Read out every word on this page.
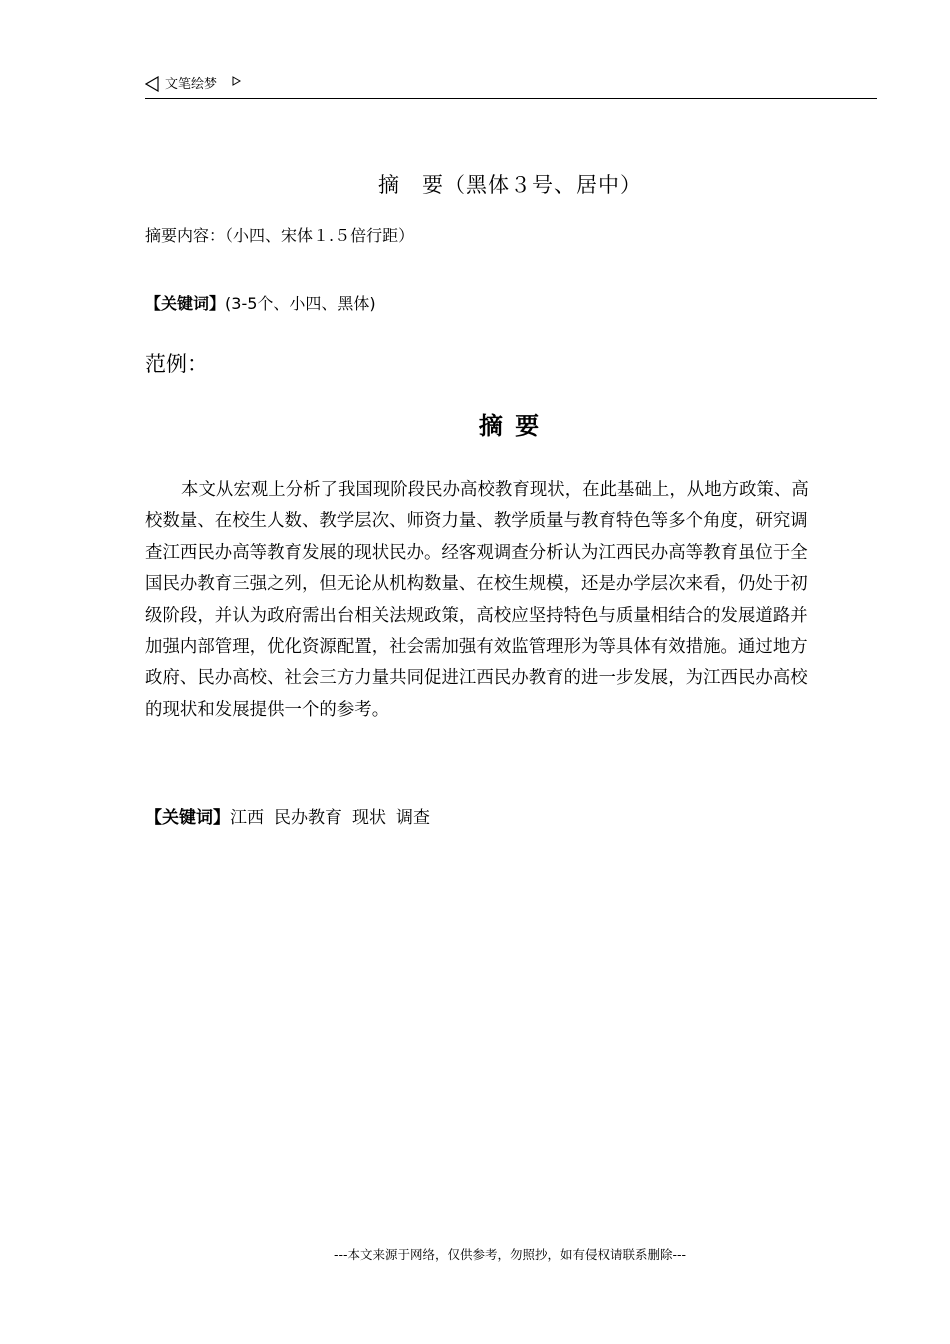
文笔绘梦
摘　要（黑体３号、居中）
摘要内容：（小四、宋体１.５倍行距）
【关键词】(3-5个、小四、黑体)
范例：
摘 要
本文从宏观上分析了我国现阶段民办高校教育现状，在此基础上，从地方政策、高
校数量、在校生人数、教学层次、师资力量、教学质量与教育特色等多个角度，研究调
查江西民办高等教育发展的现状民办。经客观调查分析认为江西民办高等教育虽位于全
国民办教育三强之列，但无论从机构数量、在校生规模，还是办学层次来看，仍处于初
级阶段，并认为政府需出台相关法规政策，高校应坚持特色与质量相结合的发展道路并
加强内部管理，优化资源配置，社会需加强有效监管理形为等具体有效措施。通过地方
政府、民办高校、社会三方力量共同促进江西民办教育的进一步发展，为江西民办高校
的现状和发展提供一个的参考。
【关键词】江西 民办教育 现状 调查
---本文来源于网络，仅供参考，勿照抄，如有侵权请联系删除---
